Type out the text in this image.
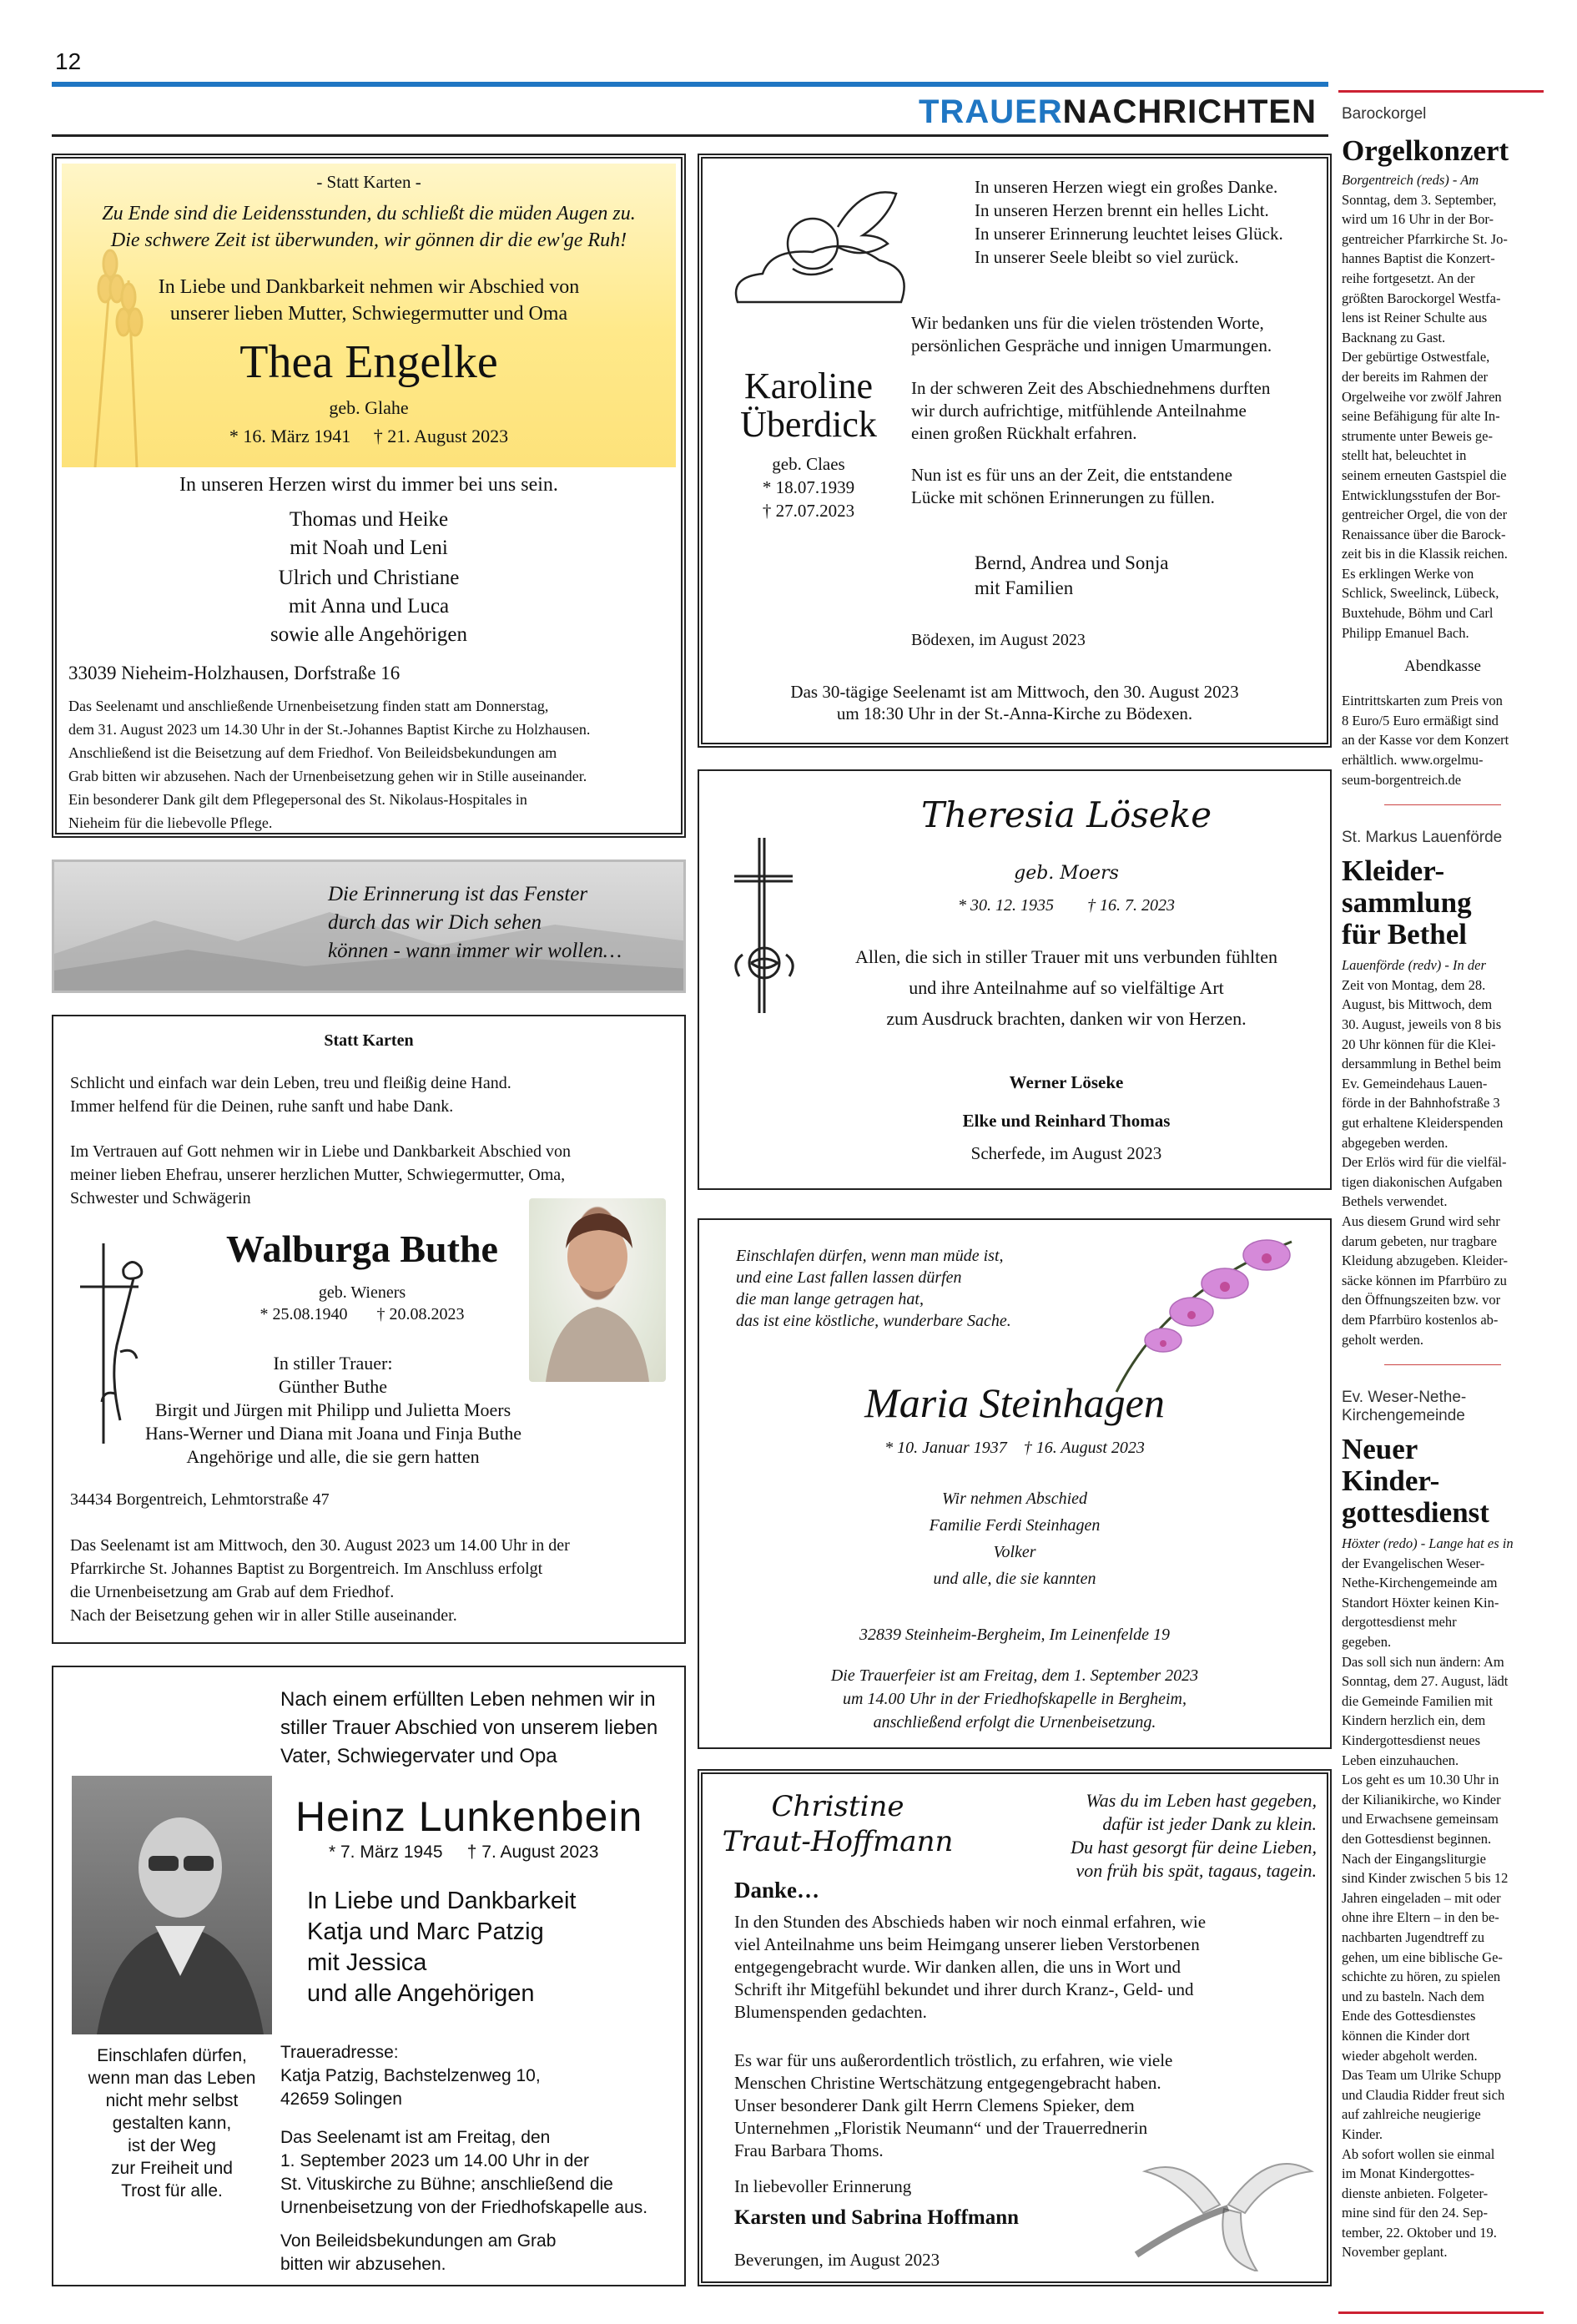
12
TRAUERNACHRICHTEN
- Statt Karten -
Zu Ende sind die Leidensstunden, du schließt die müden Augen zu.
Die schwere Zeit ist überwunden, wir gönnen dir die ew'ge Ruh!
In Liebe und Dankbarkeit nehmen wir Abschied von
unserer lieben Mutter, Schwiegermutter und Oma
Thea Engelke
geb. Glahe
* 16. März 1941 † 21. August 2023
In unseren Herzen wirst du immer bei uns sein.
Thomas und Heike
mit Noah und Leni
Ulrich und Christiane
mit Anna und Luca
sowie alle Angehörigen
33039 Nieheim-Holzhausen, Dorfstraße 16
Das Seelenamt und anschließende Urnenbeisetzung finden statt am Donnerstag,
dem 31. August 2023 um 14.30 Uhr in der St.-Johannes Baptist Kirche zu Holzhausen.
Anschließend ist die Beisetzung auf dem Friedhof. Von Beileidsbekundungen am
Grab bitten wir abzusehen. Nach der Urnenbeisetzung gehen wir in Stille auseinander.
Ein besonderer Dank gilt dem Pflegepersonal des St. Nikolaus-Hospitales in
Nieheim für die liebevolle Pflege.
Die Erinnerung ist das Fenster
durch das wir Dich sehen
können - wann immer wir wollen…
Statt Karten
Schlicht und einfach war dein Leben, treu und fleißig deine Hand.
Immer helfend für die Deinen, ruhe sanft und habe Dank.
Im Vertrauen auf Gott nehmen wir in Liebe und Dankbarkeit Abschied von
meiner lieben Ehefrau, unserer herzlichen Mutter, Schwiegermutter, Oma,
Schwester und Schwägerin
Walburga Buthe
geb. Wieners
* 25.08.1940 † 20.08.2023
In stiller Trauer:
Günther Buthe
Birgit und Jürgen mit Philipp und Julietta Moers
Hans-Werner und Diana mit Joana und Finja Buthe
Angehörige und alle, die sie gern hatten
34434 Borgentreich, Lehmtorstraße 47
Das Seelenamt ist am Mittwoch, den 30. August 2023 um 14.00 Uhr in der
Pfarrkirche St. Johannes Baptist zu Borgentreich. Im Anschluss erfolgt
die Urnenbeisetzung am Grab auf dem Friedhof.
Nach der Beisetzung gehen wir in aller Stille auseinander.
Nach einem erfüllten Leben nehmen wir in
stiller Trauer Abschied von unserem lieben
Vater, Schwiegervater und Opa
Heinz Lunkenbein
* 7. März 1945 † 7. August 2023
In Liebe und Dankbarkeit
Katja und Marc Patzig
mit Jessica
und alle Angehörigen
Einschlafen dürfen,
wenn man das Leben
nicht mehr selbst
gestalten kann,
ist der Weg
zur Freiheit und
Trost für alle.
Traueradresse:
Katja Patzig, Bachstelzenweg 10,
42659 Solingen
Das Seelenamt ist am Freitag, den
1. September 2023 um 14.00 Uhr in der
St. Vituskirche zu Bühne; anschließend die
Urnenbeisetzung von der Friedhofskapelle aus.
Von Beileidsbekundungen am Grab
bitten wir abzusehen.
In unseren Herzen wiegt ein großes Danke.
In unseren Herzen brennt ein helles Licht.
In unserer Erinnerung leuchtet leises Glück.
In unserer Seele bleibt so viel zurück.
Wir bedanken uns für die vielen tröstenden Worte,
persönlichen Gespräche und innigen Umarmungen.
Karoline
Überdick
In der schweren Zeit des Abschiednehmens durften
wir durch aufrichtige, mitfühlende Anteilnahme
einen großen Rückhalt erfahren.
geb. Claes
* 18.07.1939
† 27.07.2023
Nun ist es für uns an der Zeit, die entstandene
Lücke mit schönen Erinnerungen zu füllen.
Bernd, Andrea und Sonja
mit Familien
Bödexen, im August 2023
Das 30-tägige Seelenamt ist am Mittwoch, den 30. August 2023
um 18:30 Uhr in der St.-Anna-Kirche zu Bödexen.
Theresia Löseke
geb. Moers
* 30. 12. 1935 † 16. 7. 2023
Allen, die sich in stiller Trauer mit uns verbunden fühlten
und ihre Anteilnahme auf so vielfältige Art
zum Ausdruck brachten, danken wir von Herzen.
Werner Löseke
Elke und Reinhard Thomas
Scherfede, im August 2023
Einschlafen dürfen, wenn man müde ist,
und eine Last fallen lassen dürfen
die man lange getragen hat,
das ist eine köstliche, wunderbare Sache.
Maria Steinhagen
* 10. Januar 1937 † 16. August 2023
Wir nehmen Abschied
Familie Ferdi Steinhagen
Volker
und alle, die sie kannten
32839 Steinheim-Bergheim, Im Leinenfelde 19
Die Trauerfeier ist am Freitag, dem 1. September 2023
um 14.00 Uhr in der Friedhofskapelle in Bergheim,
anschließend erfolgt die Urnenbeisetzung.
Christine
Traut-Hoffmann
Was du im Leben hast gegeben,
dafür ist jeder Dank zu klein.
Du hast gesorgt für deine Lieben,
von früh bis spät, tagaus, tagein.
Danke…
In den Stunden des Abschieds haben wir noch einmal erfahren, wie
viel Anteilnahme uns beim Heimgang unserer lieben Verstorbenen
entgegengebracht wurde. Wir danken allen, die uns in Wort und
Schrift ihr Mitgefühl bekundet und ihrer durch Kranz-, Geld- und
Blumenspenden gedachten.
Es war für uns außerordentlich tröstlich, zu erfahren, wie viele
Menschen Christine Wertschätzung entgegengebracht haben.
Unser besonderer Dank gilt Herrn Clemens Spieker, dem
Unternehmen „Floristik Neumann“ und der Trauerrednerin
Frau Barbara Thoms.
In liebevoller Erinnerung
Karsten und Sabrina Hoffmann
Beverungen, im August 2023

Barockorgel

Orgelkonzert

Borgentreich (reds) - Am
Sonntag, dem 3. September,
wird um 16 Uhr in der Bor-
gentreicher Pfarrkirche St. Jo-
hannes Baptist die Konzert-
reihe fortgesetzt. An der
größten Barockorgel Westfa-
lens ist Reiner Schulte aus
Backnang zu Gast.
Der gebürtige Ostwestfale,
der bereits im Rahmen der
Orgelweihe vor zwölf Jahren
seine Befähigung für alte In-
strumente unter Beweis ge-
stellt hat, beleuchtet in
seinem erneuten Gastspiel die
Entwicklungsstufen der Bor-
gentreicher Orgel, die von der
Renaissance über die Barock-
zeit bis in die Klassik reichen.
Es erklingen Werke von
Schlick, Sweelinck, Lübeck,
Buxtehude, Böhm und Carl
Philipp Emanuel Bach.

Abendkasse

Eintrittskarten zum Preis von
8 Euro/5 Euro ermäßigt sind
an der Kasse vor dem Konzert
erhältlich. www.orgelmu-
seum-borgentreich.de

St. Markus Lauenförde

Kleider-
sammlung
für Bethel
Lauenförde (redv) - In der
Zeit von Montag, dem 28.
August, bis Mittwoch, dem
30. August, jeweils von 8 bis
20 Uhr können für die Klei-
dersammlung in Bethel beim
Ev. Gemeindehaus Lauen-
förde in der Bahnhofstraße 3
gut erhaltene Kleiderspenden
abgegeben werden.
Der Erlös wird für die vielfäl-
tigen diakonischen Aufgaben
Bethels verwendet.
Aus diesem Grund wird sehr
darum gebeten, nur tragbare
Kleidung abzugeben. Kleider-
säcke können im Pfarrbüro zu
den Öffnungszeiten bzw. vor
dem Pfarrbüro kostenlos ab-
geholt werden.
Ev. Weser-Nethe-
Kirchengemeinde
Neuer
Kinder-
gottesdienst
Höxter (redo) - Lange hat es in
der Evangelischen Weser-
Nethe-Kirchengemeinde am
Standort Höxter keinen Kin-
dergottesdienst mehr
gegeben.
Das soll sich nun ändern: Am
Sonntag, dem 27. August, lädt
die Gemeinde Familien mit
Kindern herzlich ein, dem
Kindergottesdienst neues
Leben einzuhauchen.
Los geht es um 10.30 Uhr in
der Kilianikirche, wo Kinder
und Erwachsene gemeinsam
den Gottesdienst beginnen.
Nach der Eingangsliturgie
sind Kinder zwischen 5 bis 12
Jahren eingeladen – mit oder
ohne ihre Eltern – in den be-
nachbarten Jugendtreff zu
gehen, um eine biblische Ge-
schichte zu hören, zu spielen
und zu basteln. Nach dem
Ende des Gottesdienstes
können die Kinder dort
wieder abgeholt werden.
Das Team um Ulrike Schupp
und Claudia Ridder freut sich
auf zahlreiche neugierige
Kinder.
Ab sofort wollen sie einmal
im Monat Kindergottes-
dienste anbieten. Folgeter-
mine sind für den 24. Sep-
tember, 22. Oktober und 19.
November geplant.
